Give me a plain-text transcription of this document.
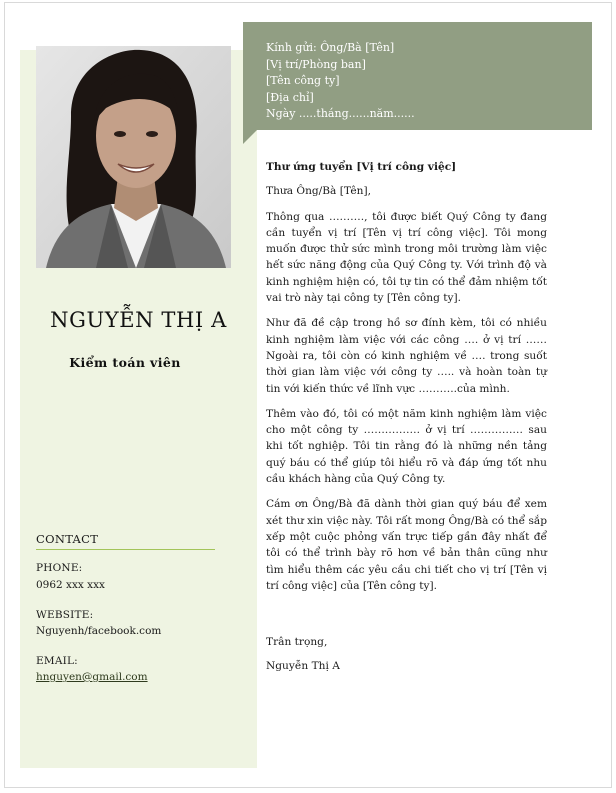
Kính gửi: Ông/Bà [Tên]
[Vị trí/Phòng ban]
[Tên công ty]
[Địa chỉ]
Ngày .....tháng......năm......
NGUYỄN THỊ A
Kiểm toán viên
CONTACT
PHONE:
0962 xxx xxx
WEBSITE:
Nguyenh/facebook.com
EMAIL:
hnguyen@gmail.com

Thư ứng tuyển [Vị trí công việc]

Thưa Ông/Bà [Tên],

Thông qua ………., tôi được biết Quý Công ty đang cần tuyển vị trí [Tên vị trí công việc]. Tôi mong muốn được thử sức mình trong môi trường làm việc hết sức năng động của Quý Công ty. Với trình độ và kinh nghiệm hiện có, tôi tự tin có thể đảm nhiệm tốt vai trò này tại công ty [Tên công ty].

Như đã đề cập trong hồ sơ đính kèm, tôi có nhiều kinh nghiệm làm việc với các công …. ở vị trí ……Ngoài ra, tôi còn có kinh nghiệm về …. trong suốt thời gian làm việc với công ty ….. và hoàn toàn tự tin với kiến thức về lĩnh vực ………..của mình.

Thêm vào đó, tôi có một năm kinh nghiệm làm việc cho một công ty ……………. ở vị trí …………… sau khi tốt nghiệp. Tôi tin rằng đó là những nền tảng quý báu có thể giúp tôi hiểu rõ và đáp ứng tốt nhu cầu khách hàng của Quý Công ty.

Cám ơn Ông/Bà đã dành thời gian quý báu để xem xét thư xin việc này. Tôi rất mong Ông/Bà có thể sắp xếp một cuộc phỏng vấn trực tiếp gần đây nhất để tôi có thể trình bày rõ hơn về bản thân cũng như tìm hiểu thêm các yêu cầu chi tiết cho vị trí [Tên vị trí công việc] của [Tên công ty].

Trân trọng,
Nguyễn Thị A
